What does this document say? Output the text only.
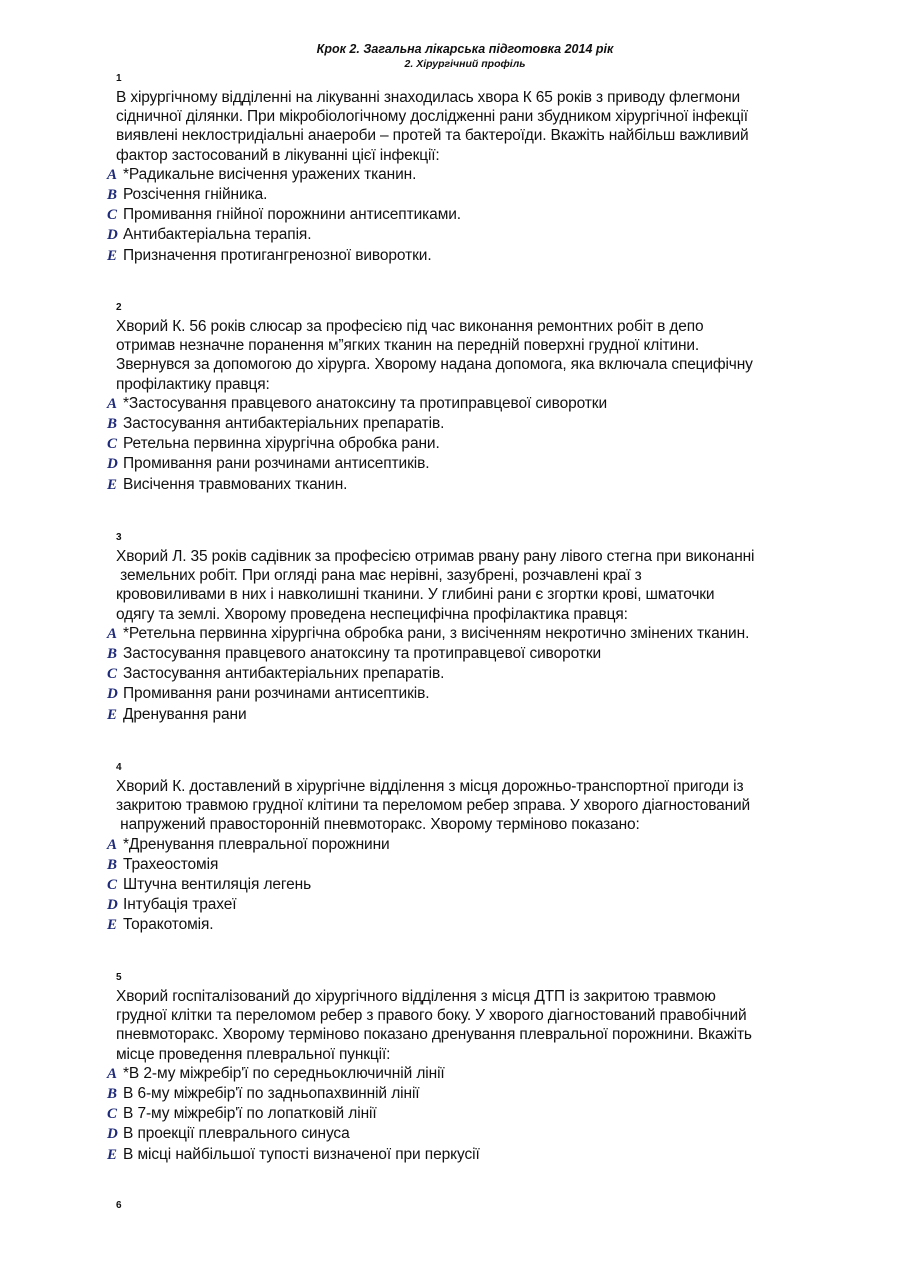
Крок 2. Загальна лікарська підготовка 2014 рік
2. Хірургічний профіль
1
В хірургічному відділенні на лікуванні знаходилась хвора К 65 років з приводу флегмони
сідничної ділянки. При мікробіологічному дослідженні рани збудником хірургічної інфекції
виявлені неклостридіальні анаероби – протей та бактероїди. Вкажіть найбільш важливий
фактор застосований в лікуванні цієї інфекції:
A *Радикальне висічення уражених тканин.
B Розсічення гнійника.
C Промивання гнійної порожнини антисептиками.
D Антибактеріальна терапія.
E Призначення протигангренозної виворотки.
2
Хворий К. 56 років слюсар за професією під час виконання ремонтних робіт в депо
отримав незначне поранення м”ягких тканин на передній поверхні грудної клітини.
Звернувся за допомогою до хірурга. Хворому надана допомога, яка включала специфічну
профілактику правця:
A *Застосування правцевого анатоксину та протиправцевої сиворотки
B Застосування антибактеріальних препаратів.
C Ретельна первинна хірургічна обробка рани.
D Промивання рани розчинами антисептиків.
E Висічення травмованих тканин.
3
Хворий Л. 35 років садівник за професією отримав рвану рану лівого стегна при виконанні
земельних робіт. При огляді рана має нерівні, зазубрені, розчавлені краї з
крововиливами в них і навколишні тканини. У глибині рани є згортки крові, шматочки
одягу та землі. Хворому проведена неспецифічна профілактика правця:
A *Ретельна первинна хірургічна обробка рани, з висіченням некротично змінених тканин.
B Застосування правцевого анатоксину та протиправцевої сиворотки
C Застосування антибактеріальних препаратів.
D Промивання рани розчинами антисептиків.
E Дренування рани
4
Хворий К. доставлений в хірургічне відділення з місця дорожньо-транспортної пригоди із
закритою травмою грудної клітини та переломом ребер зправа. У хворого діагностований
напружений правосторонній пневмоторакс. Хворому терміново показано:
A *Дренування плевральної порожнини
B Трахеостомія
C Штучна вентиляція легень
D Інтубація трахеї
E Торакотомія.
5
Хворий госпіталізований до хірургічного відділення з місця ДТП із закритою травмою
грудної клітки та переломом ребер з правого боку. У хворого діагностований правобічний
пневмоторакс. Хворому терміново показано дренування плевральної порожнини. Вкажіть
місце проведення плевральної пункції:
A *В 2-му міжребір'ї по середньоключичній лінії
B В 6-му міжребір'ї по задньопахвинній лінії
C В 7-му міжребір'ї по лопатковій лінії
D В проекції плеврального синуса
E В місці найбільшої тупості визначеної при перкусії
6
